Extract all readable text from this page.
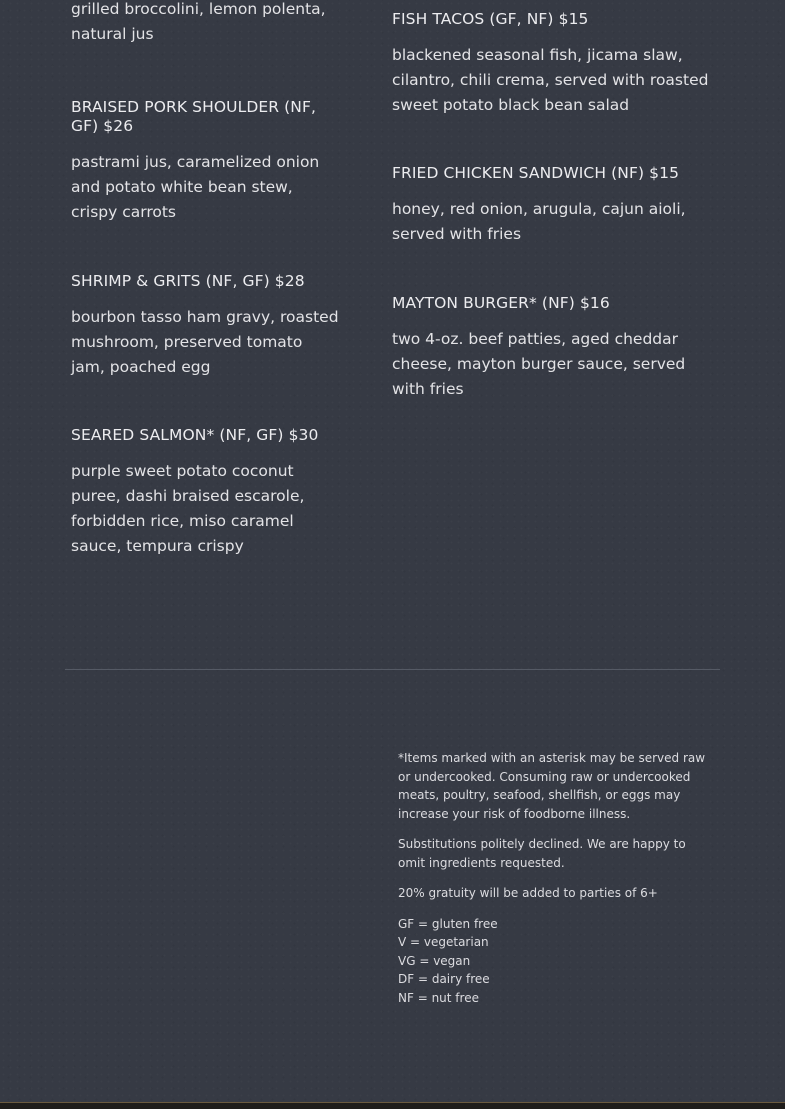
grilled broccolini, lemon polenta, natural jus

BRAISED PORK SHOULDER (NF, GF) $26

pastrami jus, caramelized onion and potato white bean stew, crispy carrots

SHRIMP & GRITS (NF, GF) $28

bourbon tasso ham gravy, roasted mushroom, preserved tomato jam, poached egg

SEARED SALMON* (NF, GF) $30

purple sweet potato coconut puree, dashi braised escarole, forbidden rice, miso caramel sauce, tempura crispy

FISH TACOS (GF, NF) $15

blackened seasonal fish, jicama slaw, cilantro, chili crema, served with roasted sweet potato black bean salad

FRIED CHICKEN SANDWICH (NF) $15

honey, red onion, arugula, cajun aioli, served with fries

MAYTON BURGER* (NF) $16

two 4-oz. beef patties, aged cheddar cheese, mayton burger sauce, served with fries

*Items marked with an asterisk may be served raw or undercooked. Consuming raw or undercooked meats, poultry, seafood, shellfish, or eggs may increase your risk of foodborne illness.

Substitutions politely declined. We are happy to omit ingredients requested.

20% gratuity will be added to parties of 6+

GF = gluten free
V = vegetarian
VG = vegan
DF = dairy free
NF = nut free
